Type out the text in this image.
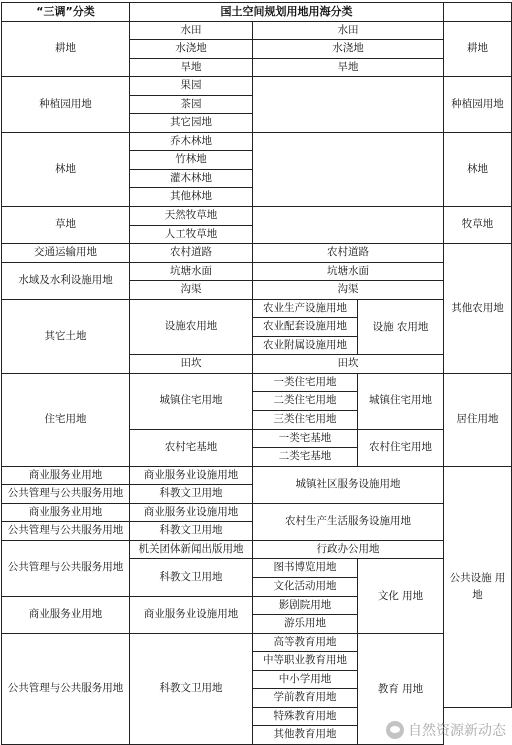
“三调”分类	国土空间规划用地用海分类			
耕地	水田	水田		耕地
	水浇地	水浇地		
	旱地	旱地		
种植园用地	果园			种植园用地
	茶园			
	其它园地			
林地	乔木林地			林地
	竹林地			
	灌木林地			
	其他林地			
草地	天然牧草地			牧草地
	人工牧草地			
交通运输用地	农村道路	农村道路		其他农用地
水域及水利设施用地	坑塘水面	坑塘水面		
	沟渠	沟渠		
其它土地	设施农用地	农业生产设施用地	设施 农用地	
		农业配套设施用地		
		农业附属设施用地		
	田坎	田坎		
住宅用地	城镇住宅用地	一类住宅用地	城镇住宅用地	居住用地
		二类住宅用地		
		三类住宅用地		
	农村宅基地	一类宅基地	农村住宅用地	
		二类宅基地		
商业服务业用地	商业服务业设施用地	城镇社区服务设施用地		公共设施 用地
公共管理与公共服务用地	科教文卫用地			
商业服务业用地	商业服务业设施用地	农村生产生活服务设施用地		
公共管理与公共服务用地	科教文卫用地			
公共管理与公共服务用地	机关团体新闻出版用地	行政办公用地		
	科教文卫用地	图书博览用地	文化 用地	
		文化活动用地		
商业服务业用地	商业服务业设施用地	影剧院用地		
		游乐用地		
公共管理与公共服务用地	科教文卫用地	高等教育用地	教育 用地	
		中等职业教育用地		
		中小学用地		
		学前教育用地		
		特殊教育用地		
		其他教育用地			自然资源新动态
